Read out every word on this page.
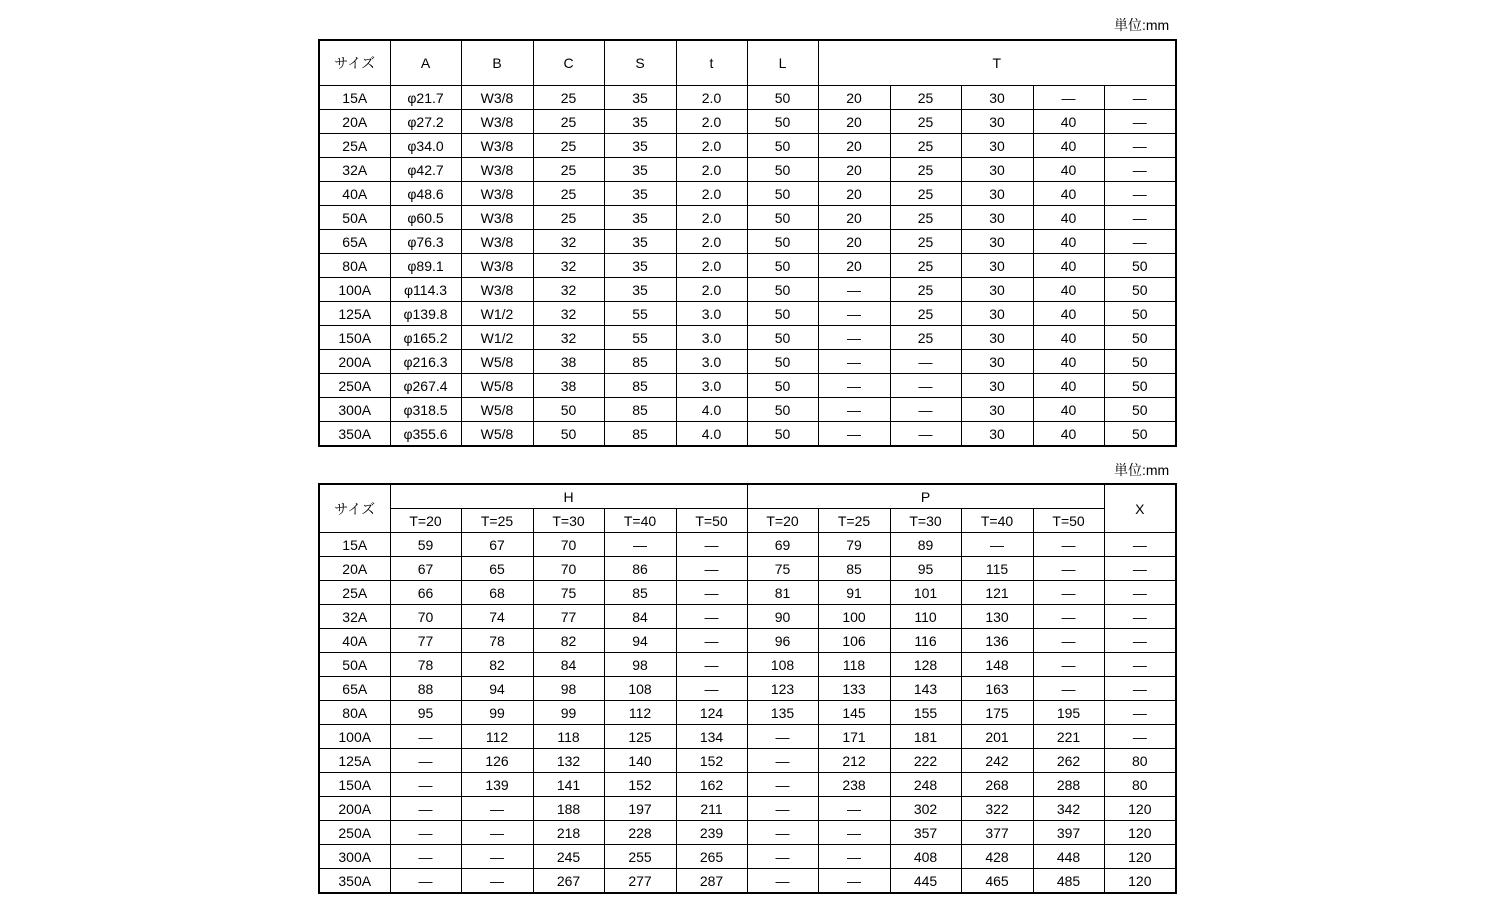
単位:mm
サイズ	A	B	C	S	t	L	T				
15A	φ21.7	W3/8	25	35	2.0	50	20	25	30	—	—
20A	φ27.2	W3/8	25	35	2.0	50	20	25	30	40	—
25A	φ34.0	W3/8	25	35	2.0	50	20	25	30	40	—
32A	φ42.7	W3/8	25	35	2.0	50	20	25	30	40	—
40A	φ48.6	W3/8	25	35	2.0	50	20	25	30	40	—
50A	φ60.5	W3/8	25	35	2.0	50	20	25	30	40	—
65A	φ76.3	W3/8	32	35	2.0	50	20	25	30	40	—
80A	φ89.1	W3/8	32	35	2.0	50	20	25	30	40	50
100A	φ114.3	W3/8	32	35	2.0	50	—	25	30	40	50
125A	φ139.8	W1/2	32	55	3.0	50	—	25	30	40	50
150A	φ165.2	W1/2	32	55	3.0	50	—	25	30	40	50
200A	φ216.3	W5/8	38	85	3.0	50	—	—	30	40	50
250A	φ267.4	W5/8	38	85	3.0	50	—	—	30	40	50
300A	φ318.5	W5/8	50	85	4.0	50	—	—	30	40	50
350A	φ355.6	W5/8	50	85	4.0	50	—	—	30	40	50
単位:mm
サイズ	H					P					X
	T=20	T=25	T=30	T=40	T=50	T=20	T=25	T=30	T=40	T=50	
15A	59	67	70	—	—	69	79	89	—	—	—
20A	67	65	70	86	—	75	85	95	115	—	—
25A	66	68	75	85	—	81	91	101	121	—	—
32A	70	74	77	84	—	90	100	110	130	—	—
40A	77	78	82	94	—	96	106	116	136	—	—
50A	78	82	84	98	—	108	118	128	148	—	—
65A	88	94	98	108	—	123	133	143	163	—	—
80A	95	99	99	112	124	135	145	155	175	195	—
100A	—	112	118	125	134	—	171	181	201	221	—
125A	—	126	132	140	152	—	212	222	242	262	80
150A	—	139	141	152	162	—	238	248	268	288	80
200A	—	—	188	197	211	—	—	302	322	342	120
250A	—	—	218	228	239	—	—	357	377	397	120
300A	—	—	245	255	265	—	—	408	428	448	120
350A	—	—	267	277	287	—	—	445	465	485	120
